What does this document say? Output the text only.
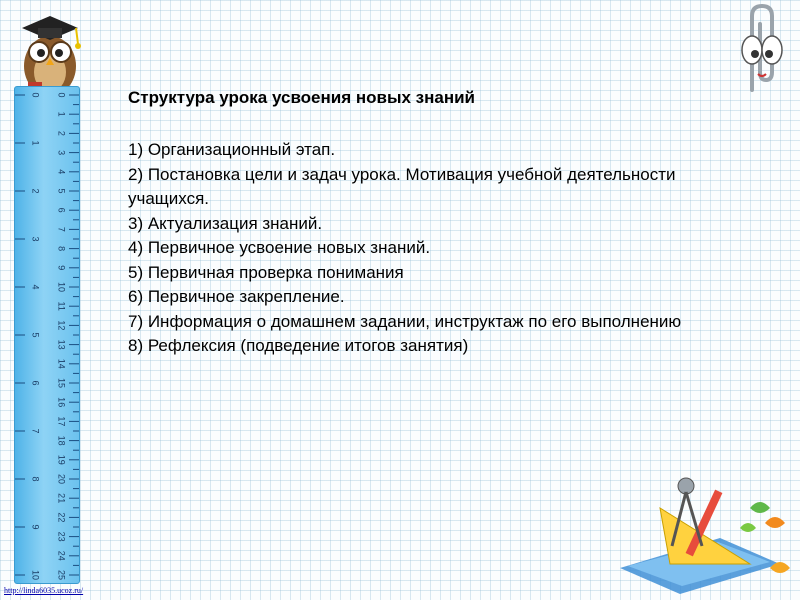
0
1
2
3
4
5
6
7
8
9
10
0
1
2
3
4
5
6
7
8
9
10
11
12
13
14
15
16
17
18
19
20
21
22
23
24
25
Структура урока усвоения новых знаний
1) Организационный этап.
2) Постановка цели и задач урока. Мотивация учебной деятельности учащихся.
3) Актуализация знаний.
4) Первичное усвоение новых знаний.
5) Первичная проверка понимания
6) Первичное закрепление.
7) Информация о домашнем задании, инструктаж по его выполнению
8) Рефлексия (подведение итогов занятия)
http://linda6035.ucoz.ru/
